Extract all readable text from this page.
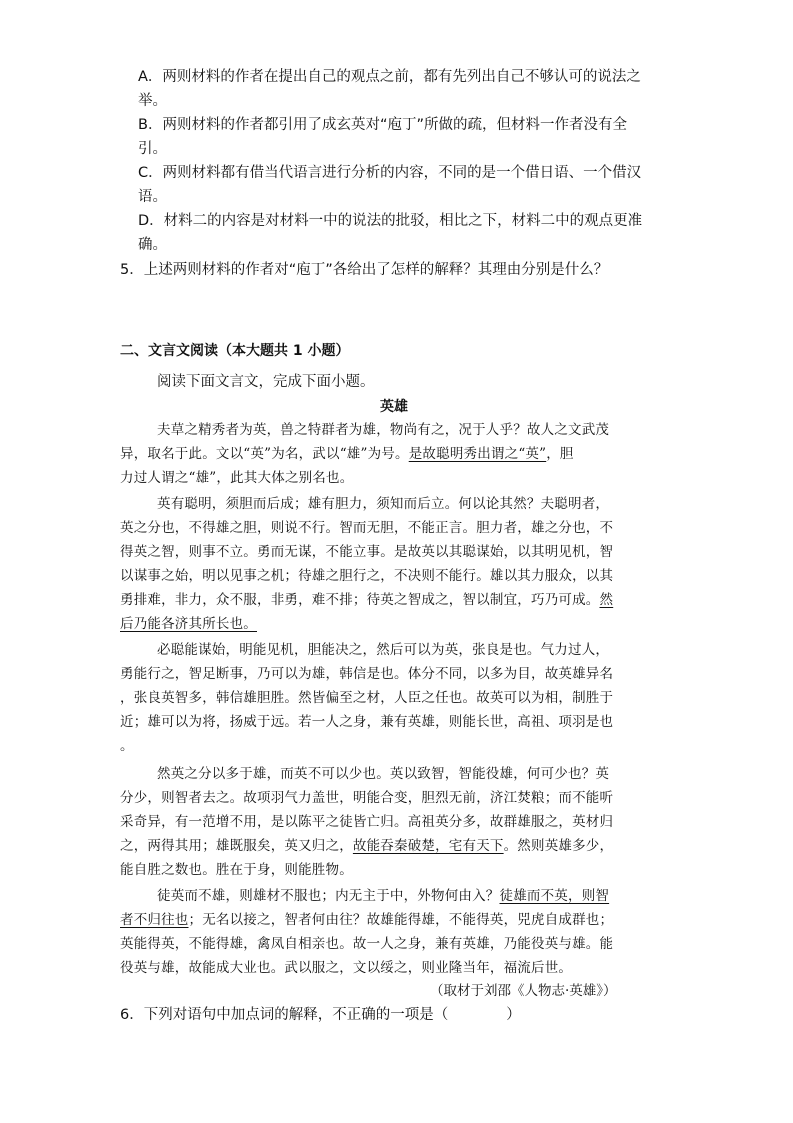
A．两则材料的作者在提出自己的观点之前，都有先列出自己不够认可的说法之
举。
B．两则材料的作者都引用了成玄英对“庖丁”所做的疏，但材料一作者没有全
引。
C．两则材料都有借当代语言进行分析的内容，不同的是一个借日语、一个借汉
语。
D．材料二的内容是对材料一中的说法的批驳，相比之下，材料二中的观点更准
确。
5．上述两则材料的作者对“庖丁”各给出了怎样的解释？其理由分别是什么？
二、文言文阅读（本大题共 1 小题）
阅读下面文言文，完成下面小题。
英雄
夫草之精秀者为英，兽之特群者为雄，物尚有之，况于人乎？故人之文武茂
异，取名于此。文以“英”为名，武以“雄”为号。是故聪明秀出谓之“英”，胆
力过人谓之“雄”，此其大体之别名也。
英有聪明，须胆而后成；雄有胆力，须知而后立。何以论其然？夫聪明者，
英之分也，不得雄之胆，则说不行。智而无胆，不能正言。胆力者，雄之分也，不
得英之智，则事不立。勇而无谋，不能立事。是故英以其聪谋始，以其明见机，智
以谋事之始，明以见事之机；待雄之胆行之，不决则不能行。雄以其力服众，以其
勇排难，非力，众不服，非勇，难不排；待英之智成之，智以制宜，巧乃可成。然
后乃能各济其所长也。
必聪能谋始，明能见机，胆能决之，然后可以为英，张良是也。气力过人，
勇能行之，智足断事，乃可以为雄，韩信是也。体分不同，以多为目，故英雄异名
，张良英智多，韩信雄胆胜。然皆偏至之材，人臣之任也。故英可以为相，制胜于
近；雄可以为将，扬威于远。若一人之身，兼有英雄，则能长世，高祖、项羽是也
。
然英之分以多于雄，而英不可以少也。英以致智，智能役雄，何可少也？英
分少，则智者去之。故项羽气力盖世，明能合变，胆烈无前，济江焚粮；而不能听
采奇异，有一范增不用，是以陈平之徒皆亡归。高祖英分多，故群雄服之，英材归
之，两得其用；雄既服矣，英又归之，故能吞秦破楚，宅有天下。然则英雄多少，
能自胜之数也。胜在于身，则能胜物。
徒英而不雄，则雄材不服也；内无主于中，外物何由入？徒雄而不英，则智
者不归往也；无名以接之，智者何由往？故雄能得雄，不能得英，兕虎自成群也；
英能得英，不能得雄，禽凤自相亲也。故一人之身，兼有英雄，乃能役英与雄。能
役英与雄，故能成大业也。武以服之，文以绥之，则业隆当年，福流后世。
（取材于刘邵《人物志·英雄》）
6．下列对语句中加点词的解释，不正确的一项是（　　　　）
